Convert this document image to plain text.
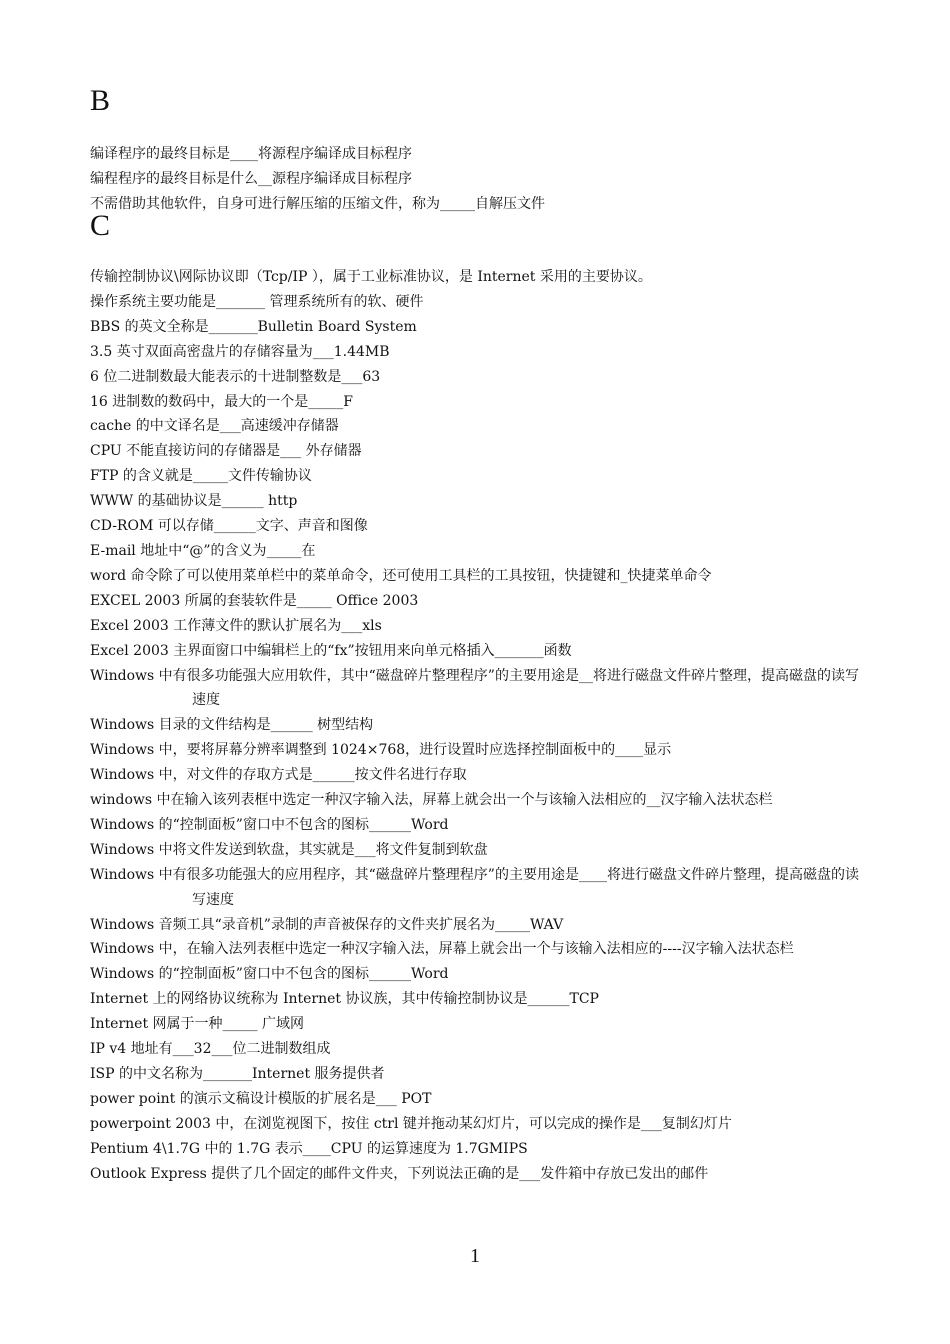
B
编译程序的最终目标是____将源程序编译成目标程序
编程程序的最终目标是什么__源程序编译成目标程序
不需借助其他软件，自身可进行解压缩的压缩文件，称为_____自解压文件
C
传输控制协议\网际协议即（Tcp/IP ），属于工业标准协议，是 Internet 采用的主要协议。
操作系统主要功能是_______ 管理系统所有的软、硬件
BBS 的英文全称是_______Bulletin Board System
3.5 英寸双面高密盘片的存储容量为___1.44MB
6 位二进制数最大能表示的十进制整数是___63
16 进制数的数码中，最大的一个是_____F
cache 的中文译名是___高速缓冲存储器
CPU 不能直接访问的存储器是___ 外存储器
FTP 的含义就是_____文件传输协议
WWW 的基础协议是______ http
CD-ROM 可以存储______文字、声音和图像
E-mail 地址中“@”的含义为_____在
word 命令除了可以使用菜单栏中的菜单命令，还可使用工具栏的工具按钮，快捷键和_快捷菜单命令
EXCEL 2003 所属的套装软件是_____ Office 2003
Excel 2003 工作薄文件的默认扩展名为___xls
Excel 2003 主界面窗口中编辑栏上的“fx”按钮用来向单元格插入_______函数
Windows 中有很多功能强大应用软件，其中“磁盘碎片整理程序”的主要用途是__将进行磁盘文件碎片整理，提高磁盘的读写速度
Windows 目录的文件结构是______ 树型结构
Windows 中，要将屏幕分辨率调整到 1024×768，进行设置时应选择控制面板中的____显示
Windows 中，对文件的存取方式是______按文件名进行存取
windows 中在输入该列表框中选定一种汉字输入法，屏幕上就会出一个与该输入法相应的__汉字输入法状态栏
Windows 的“控制面板”窗口中不包含的图标______Word
Windows 中将文件发送到软盘，其实就是___将文件复制到软盘
Windows 中有很多功能强大的应用程序，其“磁盘碎片整理程序”的主要用途是____将进行磁盘文件碎片整理，提高磁盘的读写速度
Windows 音频工具“录音机”录制的声音被保存的文件夹扩展名为_____WAV
Windows 中，在输入法列表框中选定一种汉字输入法，屏幕上就会出一个与该输入法相应的----汉字输入法状态栏
Windows 的“控制面板”窗口中不包含的图标______Word
Internet 上的网络协议统称为 Internet 协议族，其中传输控制协议是______TCP
Internet 网属于一种_____ 广域网
IP v4 地址有___32___位二进制数组成
ISP 的中文名称为_______Internet 服务提供者
power point 的演示文稿设计模版的扩展名是___ POT
powerpoint 2003 中，在浏览视图下，按住 ctrl 键并拖动某幻灯片，可以完成的操作是___复制幻灯片
Pentium 4\1.7G 中的 1.7G 表示____CPU 的运算速度为 1.7GMIPS
Outlook Express 提供了几个固定的邮件文件夹，下列说法正确的是___发件箱中存放已发出的邮件
1
